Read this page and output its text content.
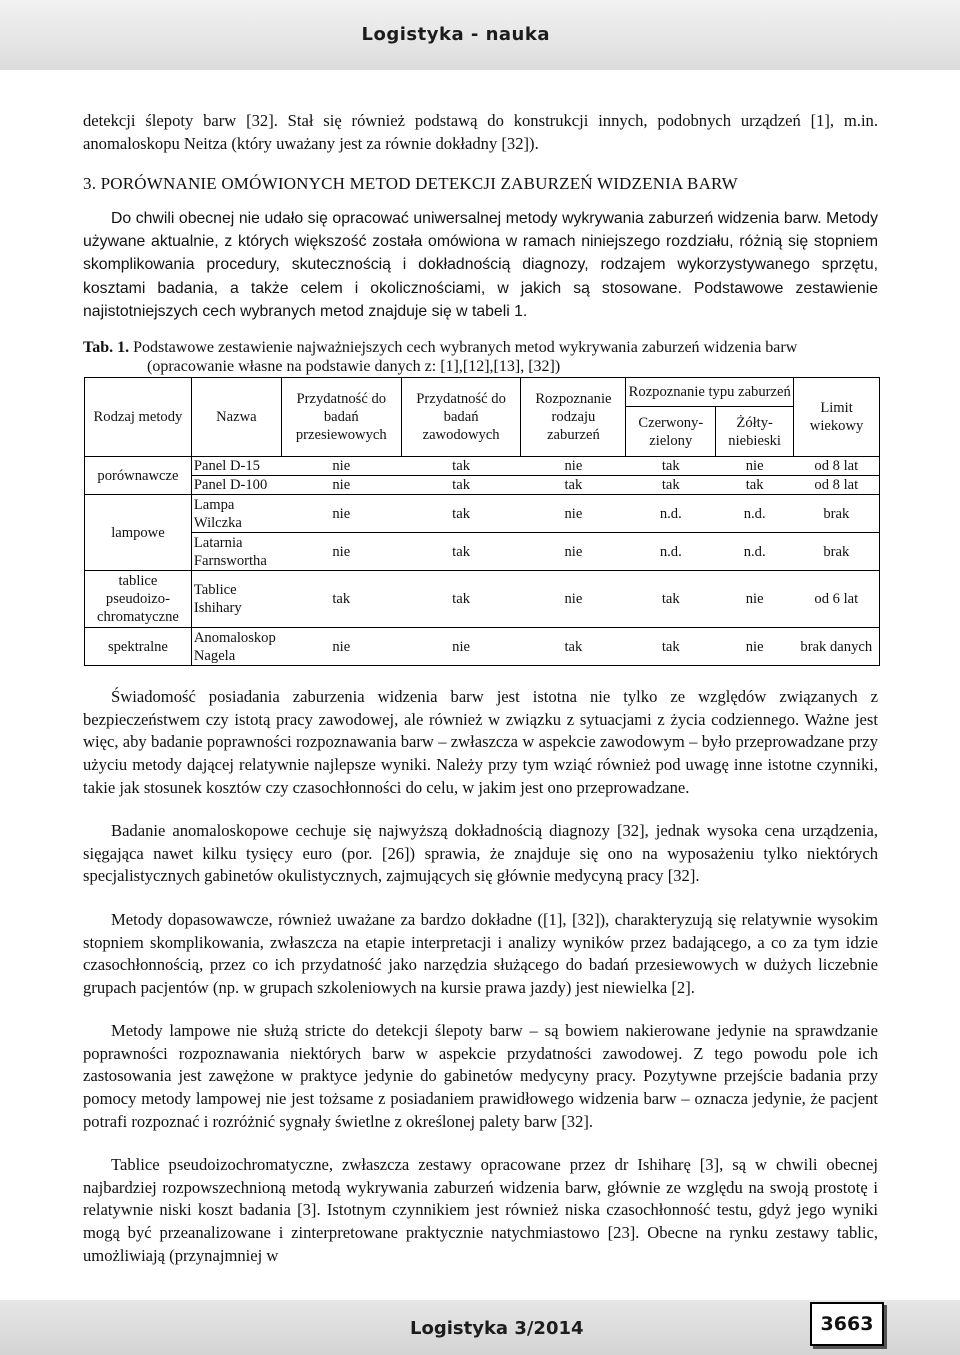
Logistyka - nauka

detekcji ślepoty barw [32]. Stał się również podstawą do konstrukcji innych, podobnych urządzeń [1], m.in. anomaloskopu Neitza (który uważany jest za równie dokładny [32]).

3. PORÓWNANIE OMÓWIONYCH METOD DETEKCJI ZABURZEŃ WIDZENIA BARW

Do chwili obecnej nie udało się opracować uniwersalnej metody wykrywania zaburzeń widzenia barw. Metody używane aktualnie, z których większość została omówiona w ramach niniejszego rozdziału, różnią się stopniem skomplikowania procedury, skutecznością i dokładnością diagnozy, rodzajem wykorzystywanego sprzętu, kosztami badania, a także celem i okolicznościami, w jakich są stosowane. Podstawowe zestawienie najistotniejszych cech wybranych metod znajduje się w tabeli 1.

Tab. 1. Podstawowe zestawienie najważniejszych cech wybranych metod wykrywania zaburzeń widzenia barw
(opracowanie własne na podstawie danych z: [1],[12],[13], [32])

Rodzaj metody	Nazwa	Przydatność do badań przesiewowych	Przydatność do badań zawodowych	Rozpoznanie rodzaju zaburzeń	Rozpoznanie typu zaburzeń		Limit wiekowy
					Czerwony-zielony	Żółty-niebieski	
porównawcze	Panel D-15	nie	tak	nie	tak	nie	od 8 lat
	Panel D-100	nie	tak	tak	tak	tak	od 8 lat
lampowe	Lampa Wilczka	nie	tak	nie	n.d.	n.d.	brak
	Latarnia Farnswortha	nie	tak	nie	n.d.	n.d.	brak
tablice pseudoizo-chromatyczne	Tablice Ishihary	tak	tak	nie	tak	nie	od 6 lat
spektralne	Anomaloskop Nagela	nie	nie	tak	tak	nie	brak danych

Świadomość posiadania zaburzenia widzenia barw jest istotna nie tylko ze względów związanych z bezpieczeństwem czy istotą pracy zawodowej, ale również w związku z sytuacjami z życia codziennego. Ważne jest więc, aby badanie poprawności rozpoznawania barw – zwłaszcza w aspekcie zawodowym – było przeprowadzane przy użyciu metody dającej relatywnie najlepsze wyniki. Należy przy tym wziąć również pod uwagę inne istotne czynniki, takie jak stosunek kosztów czy czasochłonności do celu, w jakim jest ono przeprowadzane.

Badanie anomaloskopowe cechuje się najwyższą dokładnością diagnozy [32], jednak wysoka cena urządzenia, sięgająca nawet kilku tysięcy euro (por. [26]) sprawia, że znajduje się ono na wyposażeniu tylko niektórych specjalistycznych gabinetów okulistycznych, zajmujących się głównie medycyną pracy [32].

Metody dopasowawcze, również uważane za bardzo dokładne ([1], [32]), charakteryzują się relatywnie wysokim stopniem skomplikowania, zwłaszcza na etapie interpretacji i analizy wyników przez badającego, a co za tym idzie czasochłonnością, przez co ich przydatność jako narzędzia służącego do badań przesiewowych w dużych liczebnie grupach pacjentów (np. w grupach szkoleniowych na kursie prawa jazdy) jest niewielka [2].

Metody lampowe nie służą stricte do detekcji ślepoty barw – są bowiem nakierowane jedynie na sprawdzanie poprawności rozpoznawania niektórych barw w aspekcie przydatności zawodowej. Z tego powodu pole ich zastosowania jest zawężone w praktyce jedynie do gabinetów medycyny pracy. Pozytywne przejście badania przy pomocy metody lampowej nie jest tożsame z posiadaniem prawidłowego widzenia barw – oznacza jedynie, że pacjent potrafi rozpoznać i rozróżnić sygnały świetlne z określonej palety barw [32].

Tablice pseudoizochromatyczne, zwłaszcza zestawy opracowane przez dr Ishiharę [3], są w chwili obecnej najbardziej rozpowszechnioną metodą wykrywania zaburzeń widzenia barw, głównie ze względu na swoją prostotę i relatywnie niski koszt badania [3]. Istotnym czynnikiem jest również niska czasochłonność testu, gdyż jego wyniki mogą być przeanalizowane i zinterpretowane praktycznie natychmiastowo [23]. Obecne na rynku zestawy tablic, umożliwiają (przynajmniej w

Logistyka 3/2014	3663
